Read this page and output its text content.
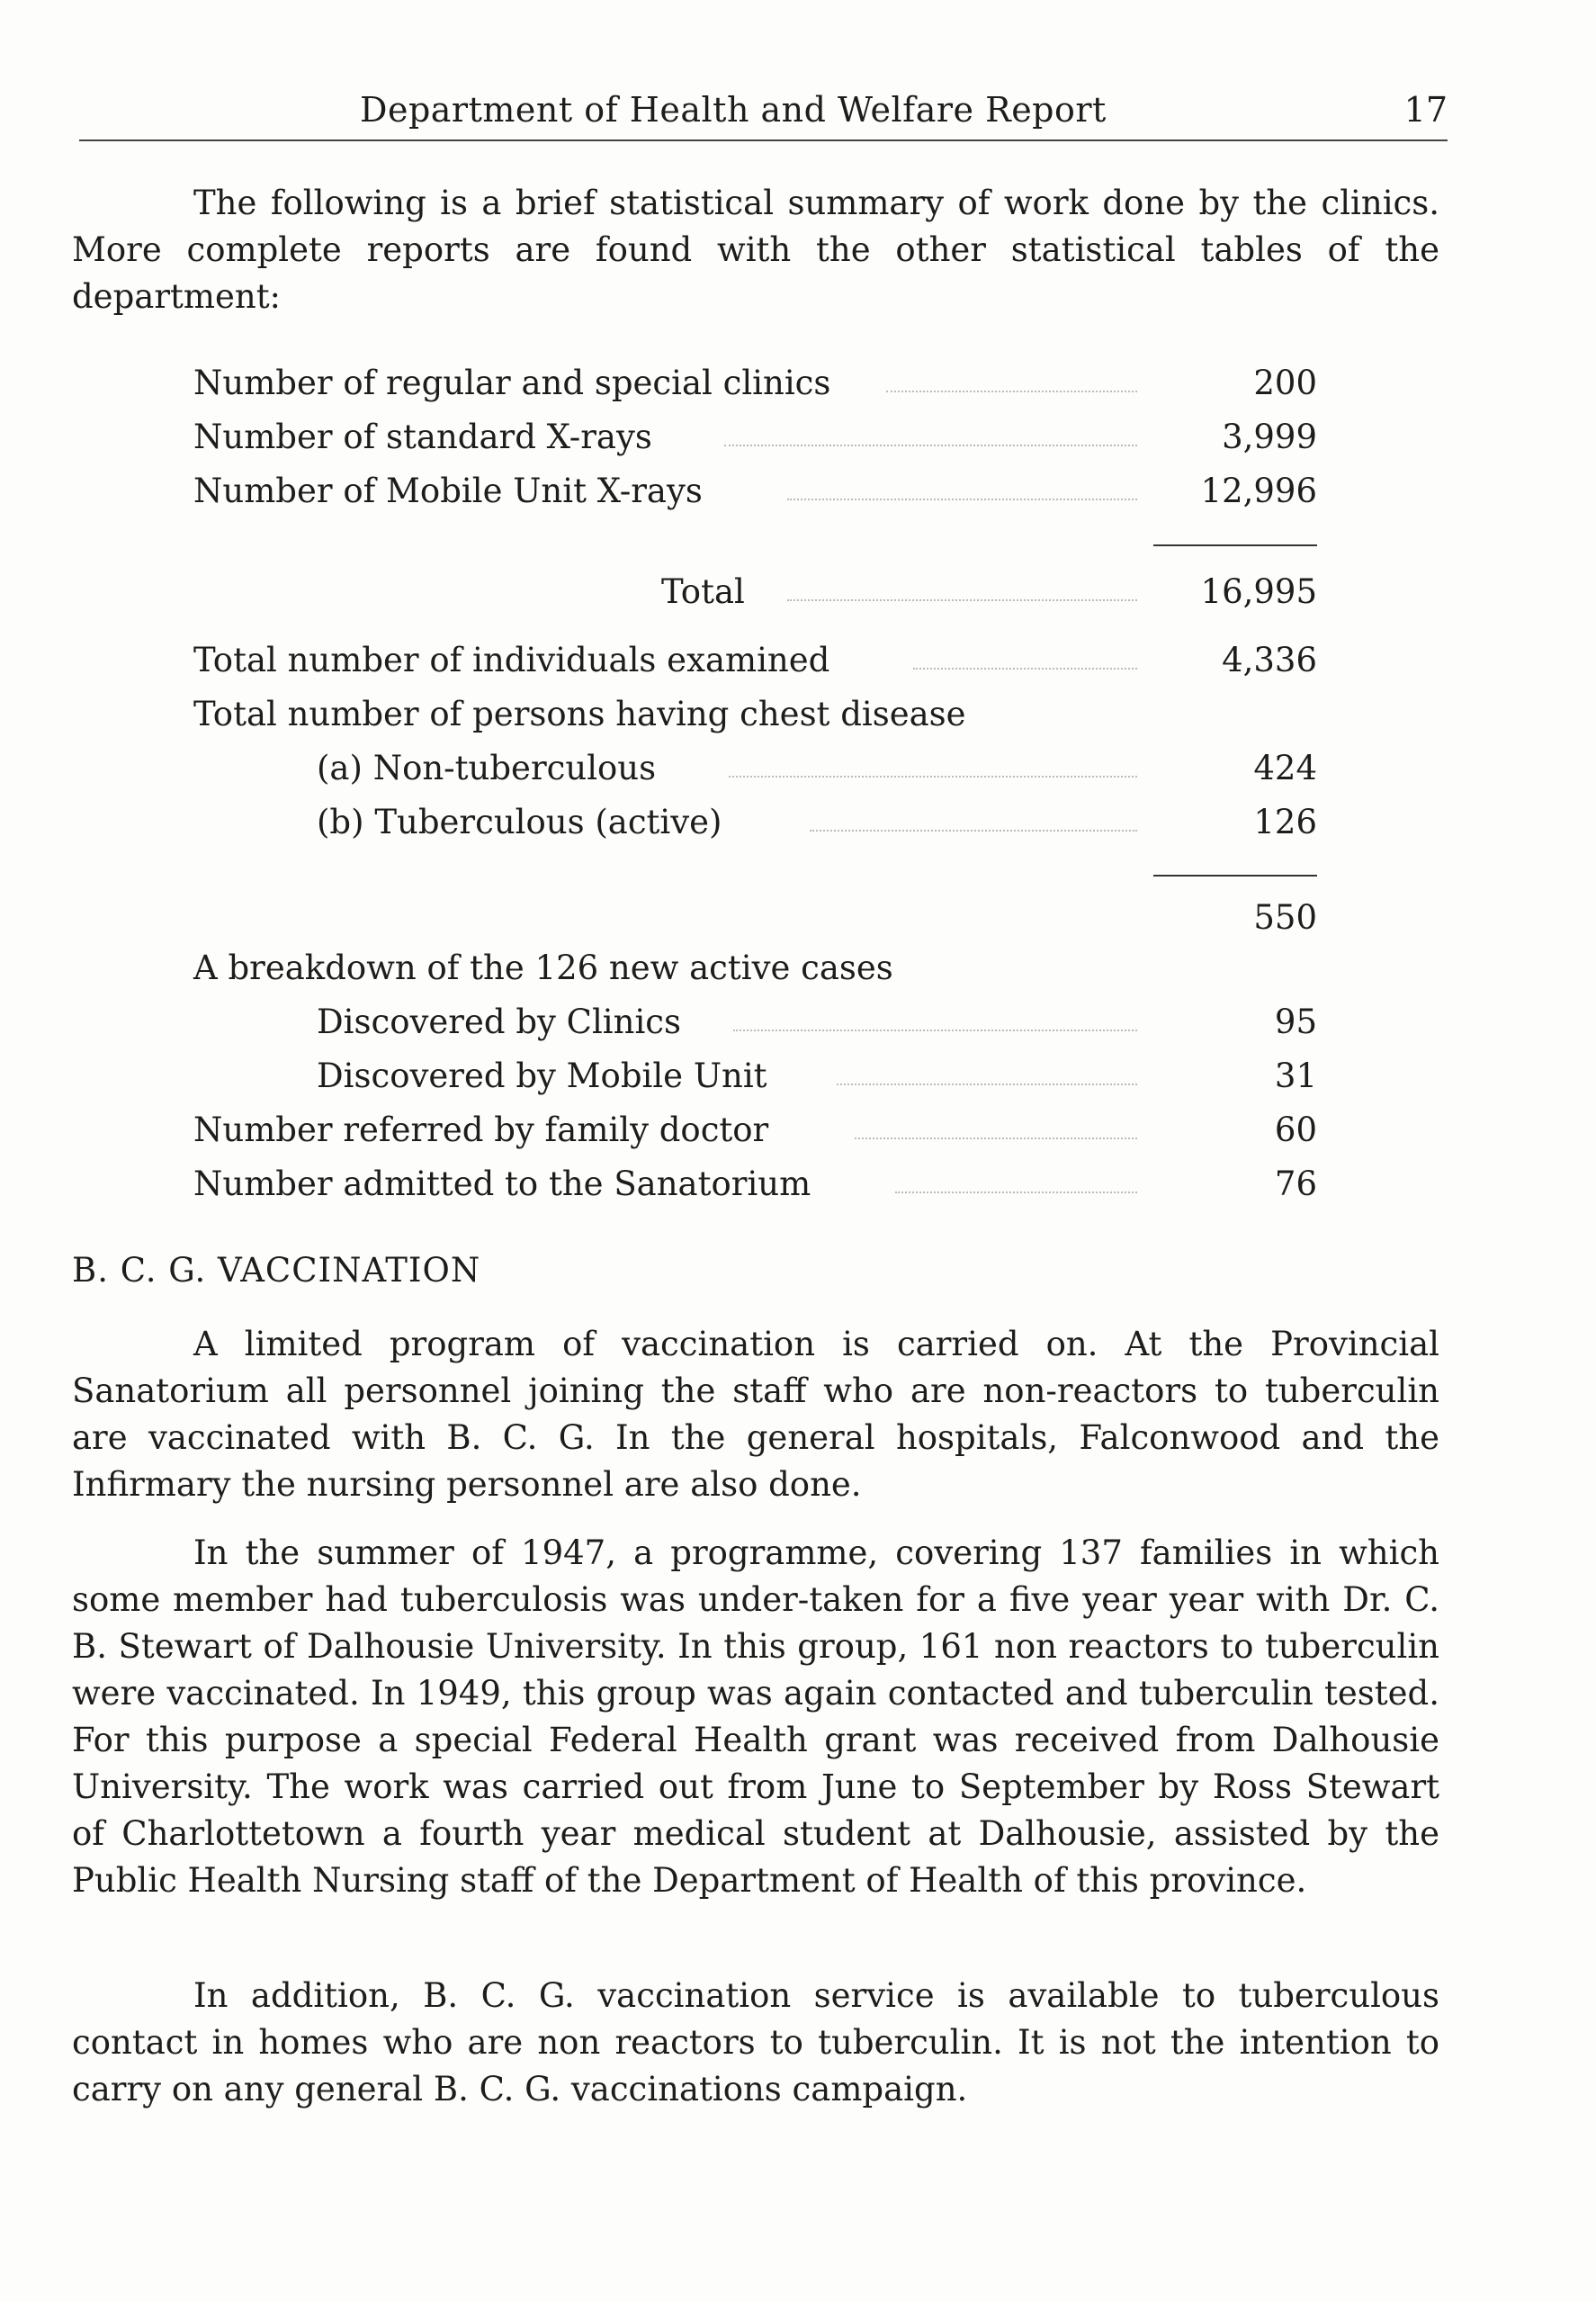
Department of Health and Welfare Report	17

The following is a brief statistical summary of work done by the clinics. More complete reports are found with the other statistical tables of the department:

Number of regular and special clinics	200
Number of standard X-rays	3,999
Number of Mobile Unit X-rays	12,996
Total	16,995
Total number of individuals examined	4,336
Total number of persons having chest disease
(a) Non-tuberculous	424
(b) Tuberculous (active)	126
550
A breakdown of the 126 new active cases
Discovered by Clinics	95
Discovered by Mobile Unit	31
Number referred by family doctor	60
Number admitted to the Sanatorium	76
B. C. G. VACCINATION

A limited program of vaccination is carried on. At the Provincial Sanatorium all personnel joining the staff who are non-reactors to tuberculin are vaccinated with B. C. G. In the general hospitals, Falconwood and the Infirmary the nursing personnel are also done.

In the summer of 1947, a programme, covering 137 families in which some member had tuberculosis was under-taken for a five year year with Dr. C. B. Stewart of Dalhousie University. In this group, 161 non reactors to tuberculin were vaccinated. In 1949, this group was again contacted and tuberculin tested. For this purpose a special Federal Health grant was received from Dalhousie University. The work was carried out from June to September by Ross Stewart of Charlottetown a fourth year medical student at Dalhousie, assisted by the Public Health Nursing staff of the Department of Health of this province.

In addition, B. C. G. vaccination service is available to tuberculous contact in homes who are non reactors to tuberculin. It is not the intention to carry on any general B. C. G. vaccinations campaign.
